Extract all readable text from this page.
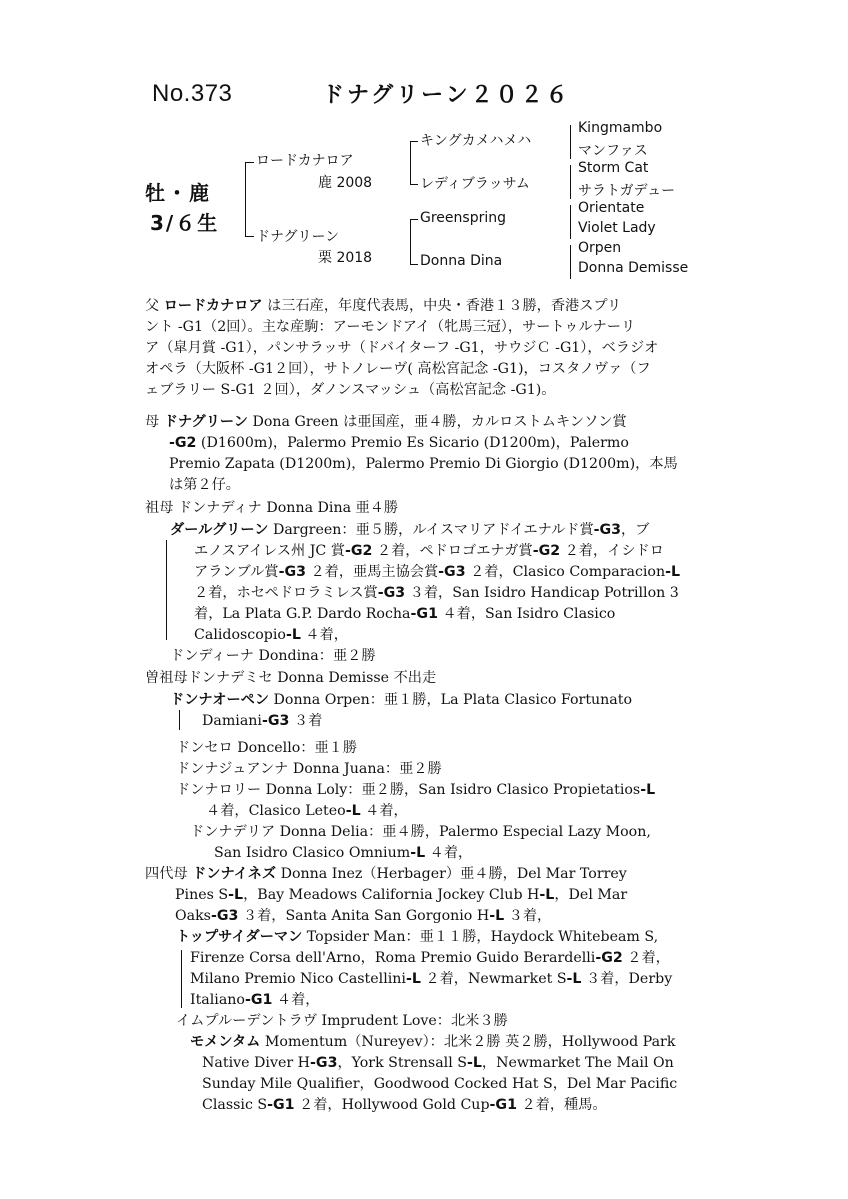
No.373	ドナグリーン２０２６
牡・鹿
3/６生
ロードカナロア
鹿 2008
ドナグリーン
栗 2018
キングカメハメハ
レディブラッサム
Greenspring
Donna Dina
Kingmambo
マンファス
Storm Cat
サラトガデュー
Orientate
Violet Lady
Orpen
Donna Demisse
父 ロードカナロア は三石産，年度代表馬，中央・香港１３勝，香港スプリ
ント -G1（2回）。主な産駒：アーモンドアイ（牝馬三冠），サートゥルナーリ
ア（皐月賞 -G1），パンサラッサ（ドバイターフ -G1，サウジＣ -G1），ベラジオ
オペラ（大阪杯 -G1２回），サトノレーヴ( 高松宮記念 -G1)，コスタノヴァ（フ
ェブラリー S-G1 ２回），ダノンスマッシュ（高松宮記念 -G1)。
母 ドナグリーン Dona Green は亜国産，亜４勝，カルロストムキンソン賞
-G2 (D1600m)，Palermo Premio Es Sicario (D1200m)，Palermo
Premio Zapata (D1200m)，Palermo Premio Di Giorgio (D1200m)，本馬
は第２仔。
祖母 ドンナディナ Donna Dina 亜４勝
ダールグリーン Dargreen：亜５勝，ルイスマリアドイエナルド賞-G3，ブ
エノスアイレス州 JC 賞-G2 ２着，ペドロゴエナガ賞-G2 ２着，イシドロ
アランブル賞-G3 ２着，亜馬主協会賞-G3 ２着，Clasico Comparacion-L
２着，ホセペドロラミレス賞-G3 ３着，San Isidro Handicap Potrillon 3
着，La Plata G.P. Dardo Rocha-G1 ４着，San Isidro Clasico
Calidoscopio-L ４着，
ドンディーナ Dondina：亜２勝
曽祖母ドンナデミセ Donna Demisse 不出走
ドンナオーペン Donna Orpen：亜１勝，La Plata Clasico Fortunato
Damiani-G3 ３着
ドンセロ Doncello：亜１勝
ドンナジュアンナ Donna Juana：亜２勝
ドンナロリー Donna Loly：亜２勝，San Isidro Clasico Propietatios-L
４着，Clasico Leteo-L ４着，
ドンナデリア Donna Delia：亜４勝，Palermo Especial Lazy Moon,
San Isidro Clasico Omnium-L ４着，
四代母 ドンナイネズ Donna Inez（Herbager）亜４勝，Del Mar Torrey
Pines S-L，Bay Meadows California Jockey Club H-L，Del Mar
Oaks-G3 ３着，Santa Anita San Gorgonio H-L ３着，
トップサイダーマン Topsider Man：亜１１勝，Haydock Whitebeam S,
Firenze Corsa dell'Arno，Roma Premio Guido Berardelli-G2 ２着，
Milano Premio Nico Castellini-L ２着，Newmarket S-L ３着，Derby
Italiano-G1 ４着，
イムプルーデントラヴ Imprudent Love：北米３勝
モメンタム Momentum（Nureyev）：北米２勝 英２勝，Hollywood Park
Native Diver H-G3，York Strensall S-L，Newmarket The Mail On
Sunday Mile Qualifier，Goodwood Cocked Hat S，Del Mar Pacific
Classic S-G1 ２着，Hollywood Gold Cup-G1 ２着，種馬。
